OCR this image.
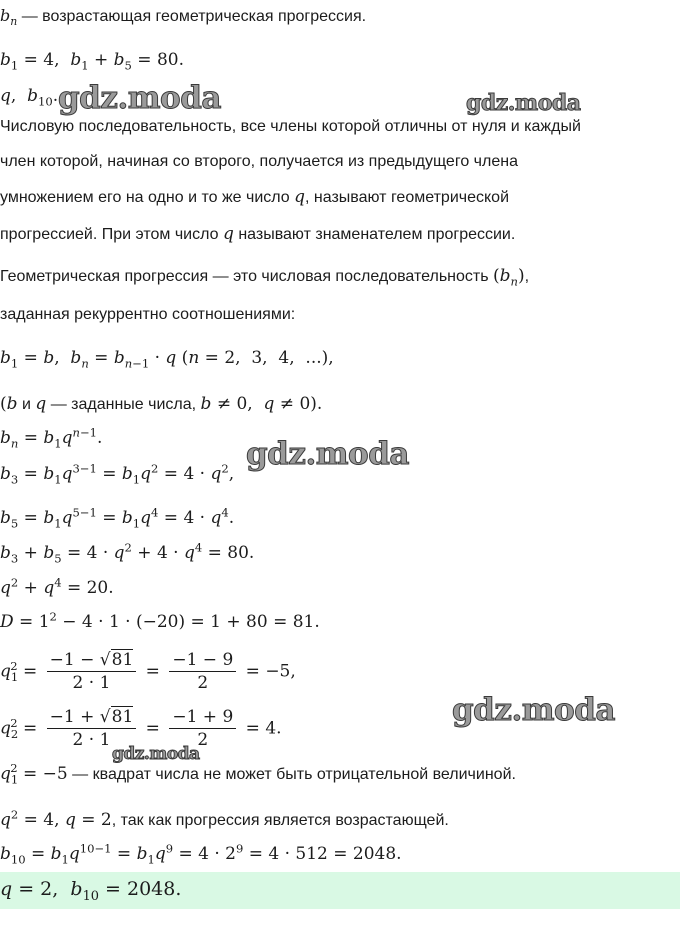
$b_n$ — возрастающая геометрическая прогрессия.
$b_1 = 4$,  $b_1 + b_5 = 80$.
q,  $b_{10}$.
Числовую последовательность, все члены которой отличны от нуля и каждый
член которой, начиная со второго, получается из предыдущего члена
умножением его на одно и то же число q, называют геометрической
прогрессией. При этом число q называют знаменателем прогрессии.
Геометрическая прогрессия — это числовая последовательность $(b_n)$,
заданная рекуррентно соотношениями:
$b_1 = b$,  $b_n = b_{n-1} \cdot q$ (n = 2,  3,  4,  ...),
(b и q — заданные числа, b ≠ 0,  q ≠ 0).
$b_n = b_1q^{n-1}$.
$b_3 = b_1q^{3-1} = b_1q^2 = 4 \cdot q^2$,
$b_5 = b_1q^{5-1} = b_1q^4 = 4 \cdot q^4$.
$b_3 + b_5 = 4 \cdot q^2 + 4 \cdot q^4 = 80$.
$q^2 + q^4 = 20$.
$D = 1^2 - 4 \cdot 1 \cdot (-20) = 1 + 80 = 81$.
$q_1^2 = \frac{-1 - √81}{2 \cdot 1} = \frac{-1 - 9}{2} = -5$,
$q_2^2 = \frac{-1 + √81}{2 \cdot 1} = \frac{-1 + 9}{2} = 4$.
$q_1^2 = -5$ — квадрат числа не может быть отрицательной величиной.
$q^2 = 4$, q = 2, так как прогрессия является возрастающей.
$b_{10} = b_1q^{10-1} = b_1q^9 = 4 \cdot 2^9 = 4 \cdot 512 = 2048$.
q = 2,  $b_{10} = 2048$.
gdz.moda	gdz.moda
gdz.moda
gdz.moda
gdz.moda
